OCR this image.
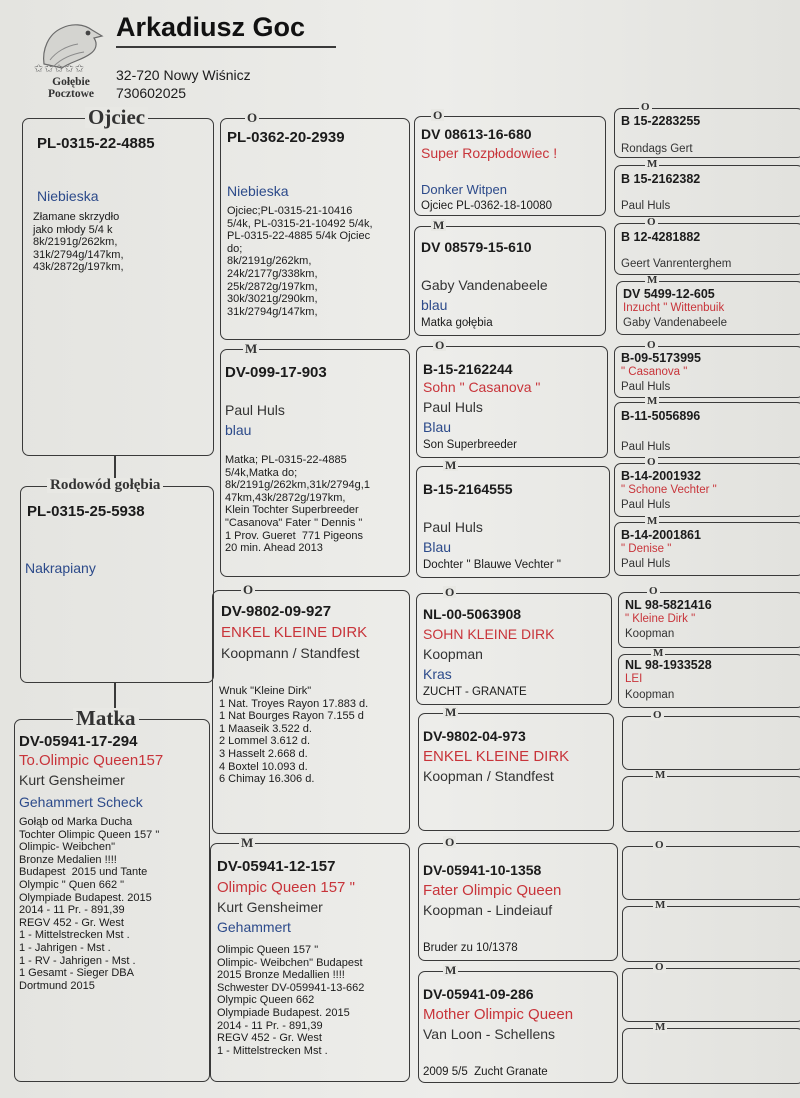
✩✩✩✩✩
Gołębie
Pocztowe
Arkadiusz Goc
32-720 Nowy Wiśnicz
730602025
Ojciec
PL-0315-22-4885
Niebieska
Złamane skrzydło
jako młody 5/4 k
8k/2191g/262km,
31k/2794g/147km,
43k/2872g/197km,
Rodowód gołębia
PL-0315-25-5938
Nakrapiany
Matka
DV-05941-17-294
To.Olimpic Queen157
Kurt Gensheimer
Gehammert Scheck
Gołąb od Marka Ducha
Tochter Olimpic Queen 157 "
Olimpic- Weibchen"
Bronze Medalien !!!!
Budapest  2015 und Tante
Olympic " Quen 662 "
Olympiade Budapest. 2015
2014 - 11 Pr. - 891,39
REGV 452 - Gr. West
1 - Mittelstrecken Mst .
1 - Jahrigen - Mst .
1 - RV - Jahrigen - Mst .
1 Gesamt - Sieger DBA
Dortmund 2015
O
PL-0362-20-2939
Niebieska
Ojciec;PL-0315-21-10416
5/4k, PL-0315-21-10492 5/4k,
PL-0315-22-4885 5/4k Ojciec
do;
8k/2191g/262km,
24k/2177g/338km,
25k/2872g/197km,
30k/3021g/290km,
31k/2794g/147km,
M
DV-099-17-903
Paul Huls
blau
Matka; PL-0315-22-4885
5/4k,Matka do;
8k/2191g/262km,31k/2794g,1
47km,43k/2872g/197km,
Klein Tochter Superbreeder
"Casanova" Fater " Dennis "
1 Prov. Gueret  771 Pigeons
20 min. Ahead 2013
O
DV-9802-09-927
ENKEL KLEINE DIRK
Koopmann / Standfest
Wnuk "Kleine Dirk"
1 Nat. Troyes Rayon 17.883 d.
1 Nat Bourges Rayon 7.155 d
1 Maaseik 3.522 d.
2 Lommel 3.612 d.
3 Hasselt 2.668 d.
4 Boxtel 10.093 d.
6 Chimay 16.306 d.
M
DV-05941-12-157
Olimpic Queen 157 "
Kurt Gensheimer
Gehammert
Olimpic Queen 157 "
Olimpic- Weibchen" Budapest
2015 Bronze Medallien !!!!
Schwester DV-059941-13-662
Olympic Queen 662
Olympiade Budapest. 2015
2014 - 11 Pr. - 891,39
REGV 452 - Gr. West
1 - Mittelstrecken Mst .
O
DV 08613-16-680
Super Rozpłodowiec !
Donker Witpen
Ojciec PL-0362-18-10080
M
DV 08579-15-610
Gaby Vandenabeele
blau
Matka gołębia
O
B-15-2162244
Sohn " Casanova "
Paul Huls
Blau
Son Superbreeder
M
B-15-2164555
Paul Huls
Blau
Dochter " Blauwe Vechter "
O
NL-00-5063908
SOHN KLEINE DIRK
Koopman
Kras
ZUCHT - GRANATE
M
DV-9802-04-973
ENKEL KLEINE DIRK
Koopman / Standfest
O
DV-05941-10-1358
Fater Olimpic Queen
Koopman - Lindeiauf
Bruder zu 10/1378
M
DV-05941-09-286
Mother Olimpic Queen
Van Loon - Schellens
2009 5/5  Zucht Granate
O
B 15-2283255
Rondags Gert
M
B 15-2162382
Paul Huls
O
B 12-4281882
Geert Vanrenterghem
M
DV 5499-12-605
Inzucht " Wittenbuik
Gaby Vandenabeele
O
B-09-5173995
" Casanova "
Paul Huls
M
B-11-5056896
Paul Huls
O
B-14-2001932
" Schone Vechter "
Paul Huls
M
B-14-2001861
" Denise "
Paul Huls
O
NL 98-5821416
" Kleine Dirk "
Koopman
M
NL 98-1933528
LEI
Koopman
O
M
O
M
O
M
